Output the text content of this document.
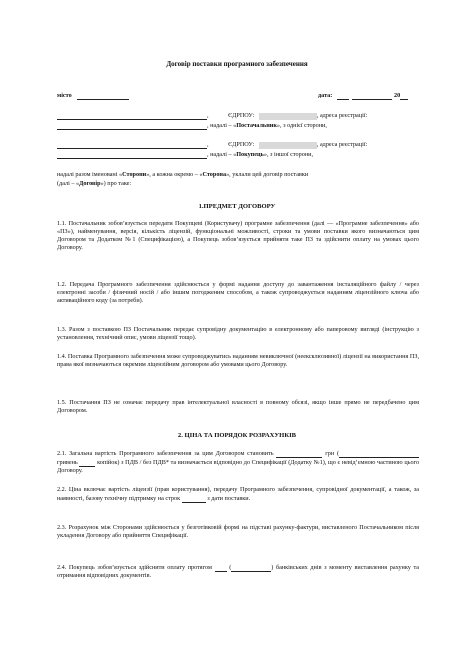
Договір поставки програмного забезпечення
місто	дата:	20
,	ЄДРПОУ:	, адреса реєстрації:
, надалі – «Постачальник», з однієї сторони,
,	ЄДРПОУ:	, адреса реєстрації:
, надалі – «Покупець», з іншої сторони,
надалі разом іменовані «Сторони», а кожна окремо – «Сторона», уклали цей договір поставки
(далі – «Договір») про таке:
1.ПРЕДМЕТ ДОГОВОРУ

1.1. Постачальник зобов’язується передати Покупцеві (Користувачу) програмне забезпечення (далі — «Програмне забезпечення» або «ПЗ»), найменування, версія, кількість ліцензій, функціональні можливості, строки та умови поставки якого визначаються цим Договором та Додатком №1 (Специфікацією), а Покупець зобов’язується прийняти таке ПЗ та здійснити оплату на умовах цього Договору.

1.2. Передача Програмного забезпечення здійснюється у формі надання доступу до завантаження інсталяційного файлу / через електронні засоби / фізичний носій / або іншим погодженим способом, а також супроводжується наданням ліцензійного ключа або активаційного коду (за потреби).

1.3. Разом з поставкою ПЗ Постачальник передає супровідну документацію в електронному або паперовому вигляді (інструкцію з установлення, технічний опис, умови ліцензії тощо).

1.4. Поставка Програмного забезпечення може супроводжуватись наданням невиключної (неексклюзивної) ліцензії на використання ПЗ, права якої визначаються окремим ліцензійним договором або умовами цього Договору.

1.5. Постачання ПЗ не означає передачу прав інтелектуальної власності в повному обсязі, якщо інше прямо не передбачено цим Договором.

2. ЦІНА ТА ПОРЯДОК РОЗРАХУНКІВ

2.1. Загальна вартість Програмного забезпечення за цим Договором становить	грн (  гривень	копійок) з ПДВ / без ПДВ* та визначається відповідно до Специфікації (Додатку №1), що є невід’ємною частиною цього Договору.

2.2. Ціна включає вартість ліцензії (прав користування), передачу Програмного забезпечення, супровідної документації, а також, за наявності, базову технічну підтримку на строк	з дати поставки.

2.3. Розрахунок між Сторонами здійснюється у безготівковій формі на підставі рахунку-фактури, виставленого Постачальником після укладення Договору або прийняття Специфікації.

2.4. Покупець зобов’язується здійснити оплату протягом	(	) банківських днів з моменту виставлення рахунку та отримання відповідних документів.
